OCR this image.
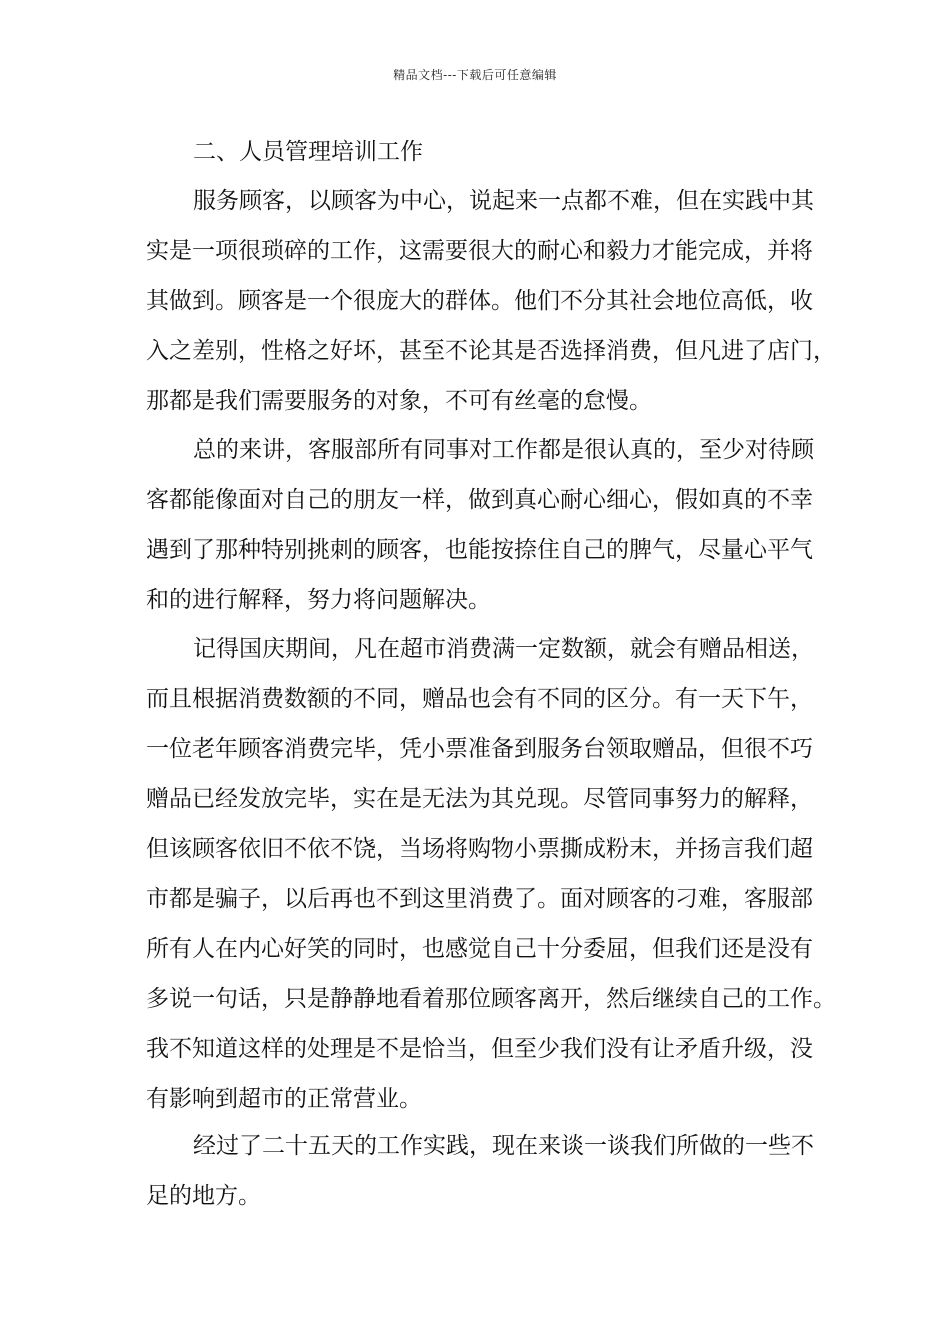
精品文档---下载后可任意编辑
二、人员管理培训工作
服务顾客，以顾客为中心，说起来一点都不难，但在实践中其
实是一项很琐碎的工作，这需要很大的耐心和毅力才能完成，并将
其做到。顾客是一个很庞大的群体。他们不分其社会地位高低，收
入之差别，性格之好坏，甚至不论其是否选择消费，但凡进了店门，
那都是我们需要服务的对象，不可有丝毫的怠慢。
总的来讲，客服部所有同事对工作都是很认真的，至少对待顾
客都能像面对自己的朋友一样，做到真心耐心细心，假如真的不幸
遇到了那种特别挑刺的顾客，也能按捺住自己的脾气，尽量心平气
和的进行解释，努力将问题解决。
记得国庆期间，凡在超市消费满一定数额，就会有赠品相送，
而且根据消费数额的不同，赠品也会有不同的区分。有一天下午，
一位老年顾客消费完毕，凭小票准备到服务台领取赠品，但很不巧
赠品已经发放完毕，实在是无法为其兑现。尽管同事努力的解释，
但该顾客依旧不依不饶，当场将购物小票撕成粉末，并扬言我们超
市都是骗子，以后再也不到这里消费了。面对顾客的刁难，客服部
所有人在内心好笑的同时，也感觉自己十分委屈，但我们还是没有
多说一句话，只是静静地看着那位顾客离开，然后继续自己的工作。
我不知道这样的处理是不是恰当，但至少我们没有让矛盾升级，没
有影响到超市的正常营业。
经过了二十五天的工作实践，现在来谈一谈我们所做的一些不
足的地方。
